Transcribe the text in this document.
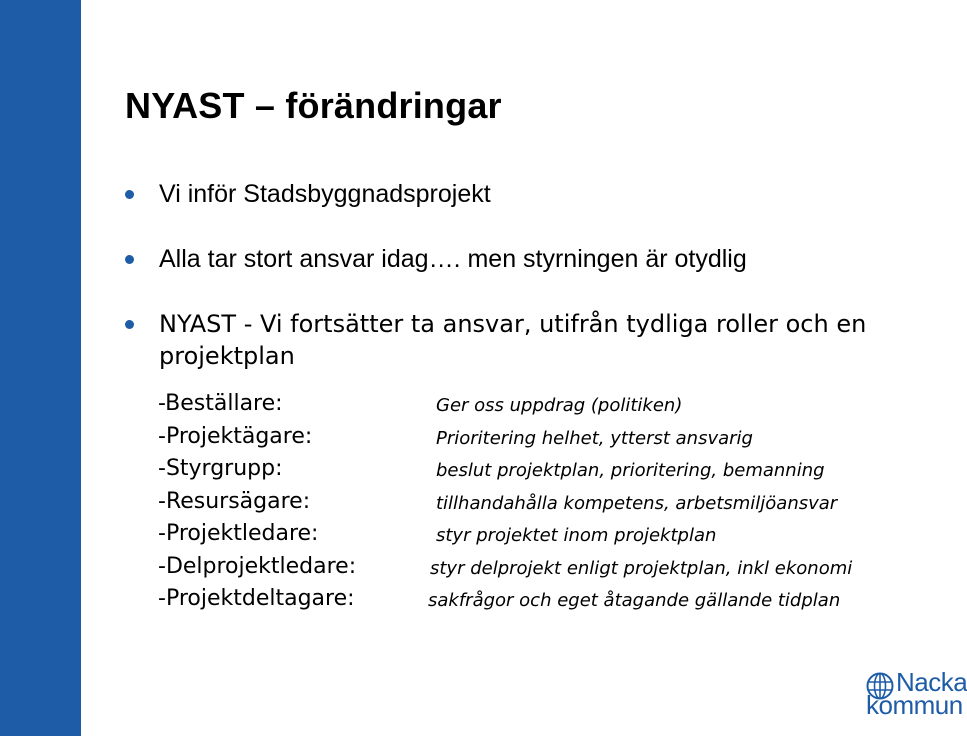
NYAST – förändringar
Vi inför Stadsbyggnadsprojekt
Alla tar stort ansvar idag…. men styrningen är otydlig
NYAST - Vi fortsätter ta ansvar, utifrån tydliga roller och en projektplan
-Beställare:	Ger oss uppdrag (politiken)
-Projektägare:	Prioritering helhet, ytterst ansvarig
-Styrgrupp:	beslut projektplan, prioritering, bemanning
-Resursägare:	tillhandahålla kompetens, arbetsmiljöansvar
-Projektledare:	styr projektet inom projektplan
-Delprojektledare:	styr delprojekt enligt projektplan, inkl ekonomi
-Projektdeltagare:	sakfrågor och eget åtagande gällande tidplan
Nacka
kommun
